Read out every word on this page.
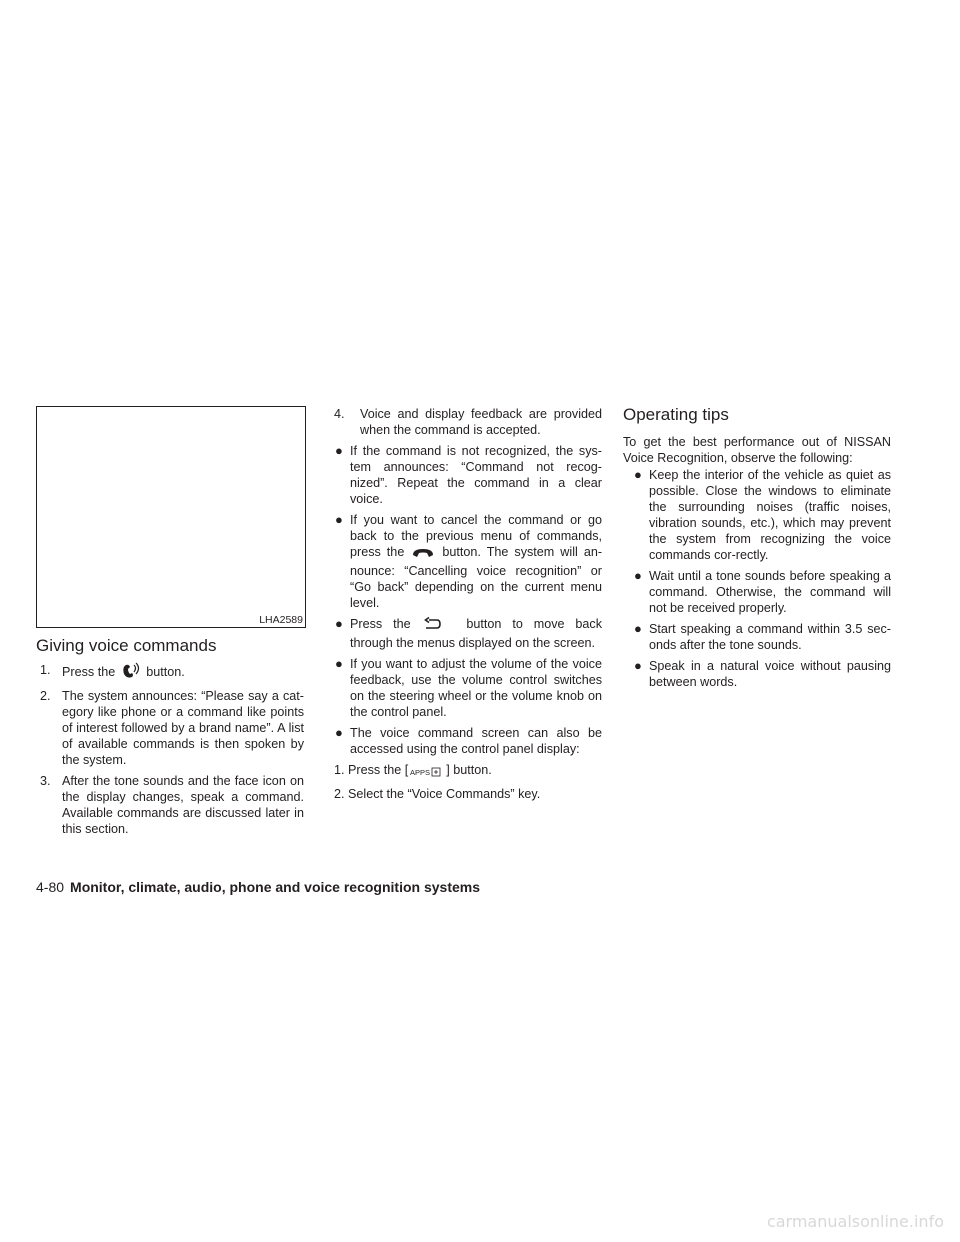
LHA2589
Giving voice commands

1. Press the button.

2. The system announces: “Please say a cat-egory like phone or a command like points of interest followed by a brand name”. A list of available commands is then spoken by the system.

3. After the tone sounds and the face icon on the display changes, speak a command. Available commands are discussed later in this section.

4. Voice and display feedback are provided when the command is accepted.

● If the command is not recognized, the sys-tem announces: “Command not recog-nized”. Repeat the command in a clear voice.

● If you want to cancel the command or go back to the previous menu of commands, press the	button. The system will an-nounce: “Cancelling voice recognition” or “Go back” depending on the current menu level.

● Press the	button to move back through the menus displayed on the screen.

● If you want to adjust the volume of the voice feedback, use the volume control switches on the steering wheel or the volume knob on the control panel.

● The voice command screen can also be accessed using the control panel display:

1. Press the [ APPS ] button.

2. Select the “Voice Commands” key.

Operating tips

To get the best performance out of NISSAN Voice Recognition, observe the following:

● Keep the interior of the vehicle as quiet as possible. Close the windows to eliminate the surrounding noises (traffic noises, vibration sounds, etc.), which may prevent the system from recognizing the voice commands cor-rectly.

● Wait until a tone sounds before speaking a command. Otherwise, the command will not be received properly.

● Start speaking a command within 3.5 sec-onds after the tone sounds.

● Speak in a natural voice without pausing between words.

4-80 Monitor, climate, audio, phone and voice recognition systems
carmanualsonline.info
